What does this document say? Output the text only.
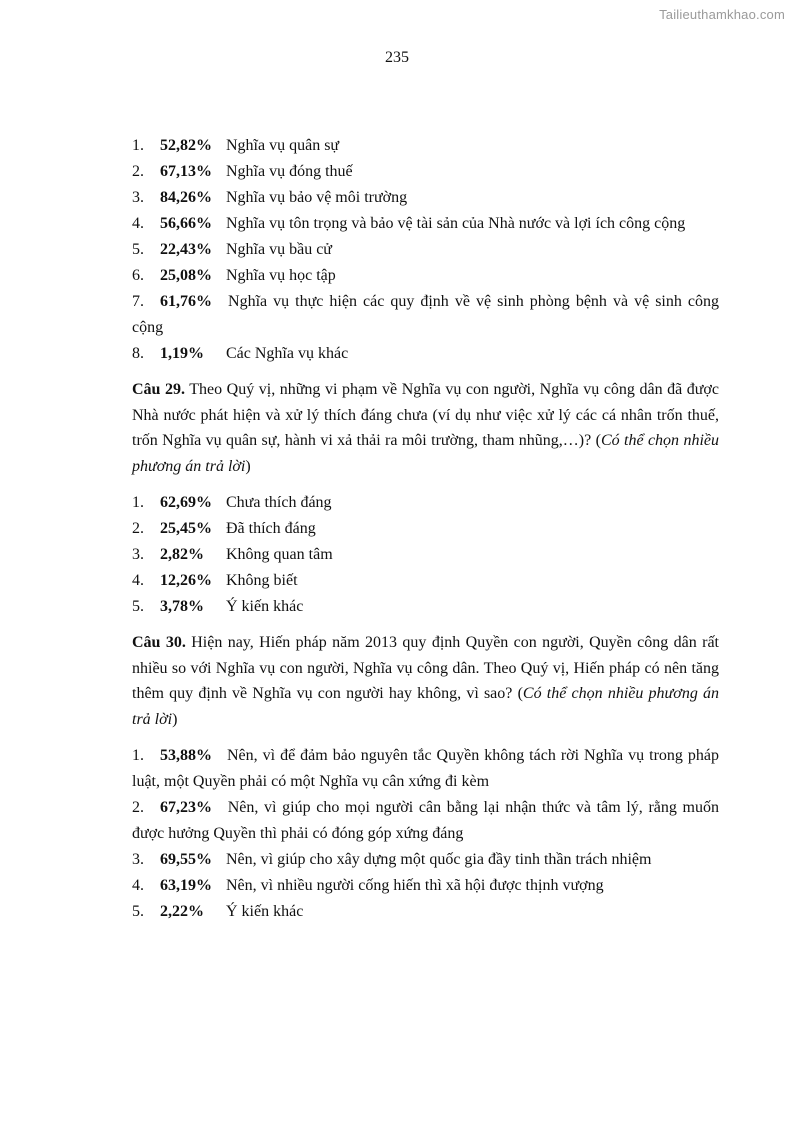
Tailieuthamkhao.com
235

1. 52,82% Nghĩa vụ quân sự

2. 67,13% Nghĩa vụ đóng thuế

3. 84,26% Nghĩa vụ bảo vệ môi trường

4. 56,66% Nghĩa vụ tôn trọng và bảo vệ tài sản của Nhà nước và lợi ích công cộng

5. 22,43% Nghĩa vụ bầu cử

6. 25,08% Nghĩa vụ học tập

7. 61,76% Nghĩa vụ thực hiện các quy định về vệ sinh phòng bệnh và vệ sinh công cộng

8. 1,19% Các Nghĩa vụ khác

Câu 29. Theo Quý vị, những vi phạm về Nghĩa vụ con người, Nghĩa vụ công dân đã được Nhà nước phát hiện và xử lý thích đáng chưa (ví dụ như việc xử lý các cá nhân trốn thuế, trốn Nghĩa vụ quân sự, hành vi xả thải ra môi trường, tham nhũng,…)? (Có thể chọn nhiều phương án trả lời)

1. 62,69% Chưa thích đáng

2. 25,45% Đã thích đáng

3. 2,82% Không quan tâm

4. 12,26% Không biết

5. 3,78% Ý kiến khác

Câu 30. Hiện nay, Hiến pháp năm 2013 quy định Quyền con người, Quyền công dân rất nhiều so với Nghĩa vụ con người, Nghĩa vụ công dân. Theo Quý vị, Hiến pháp có nên tăng thêm quy định về Nghĩa vụ con người hay không, vì sao? (Có thể chọn nhiều phương án trả lời)

1. 53,88% Nên, vì để đảm bảo nguyên tắc Quyền không tách rời Nghĩa vụ trong pháp luật, một Quyền phải có một Nghĩa vụ cân xứng đi kèm

2. 67,23% Nên, vì giúp cho mọi người cân bằng lại nhận thức và tâm lý, rằng muốn được hưởng Quyền thì phải có đóng góp xứng đáng

3. 69,55% Nên, vì giúp cho xây dựng một quốc gia đầy tinh thần trách nhiệm

4. 63,19% Nên, vì nhiều người cống hiến thì xã hội được thịnh vượng

5. 2,22% Ý kiến khác
